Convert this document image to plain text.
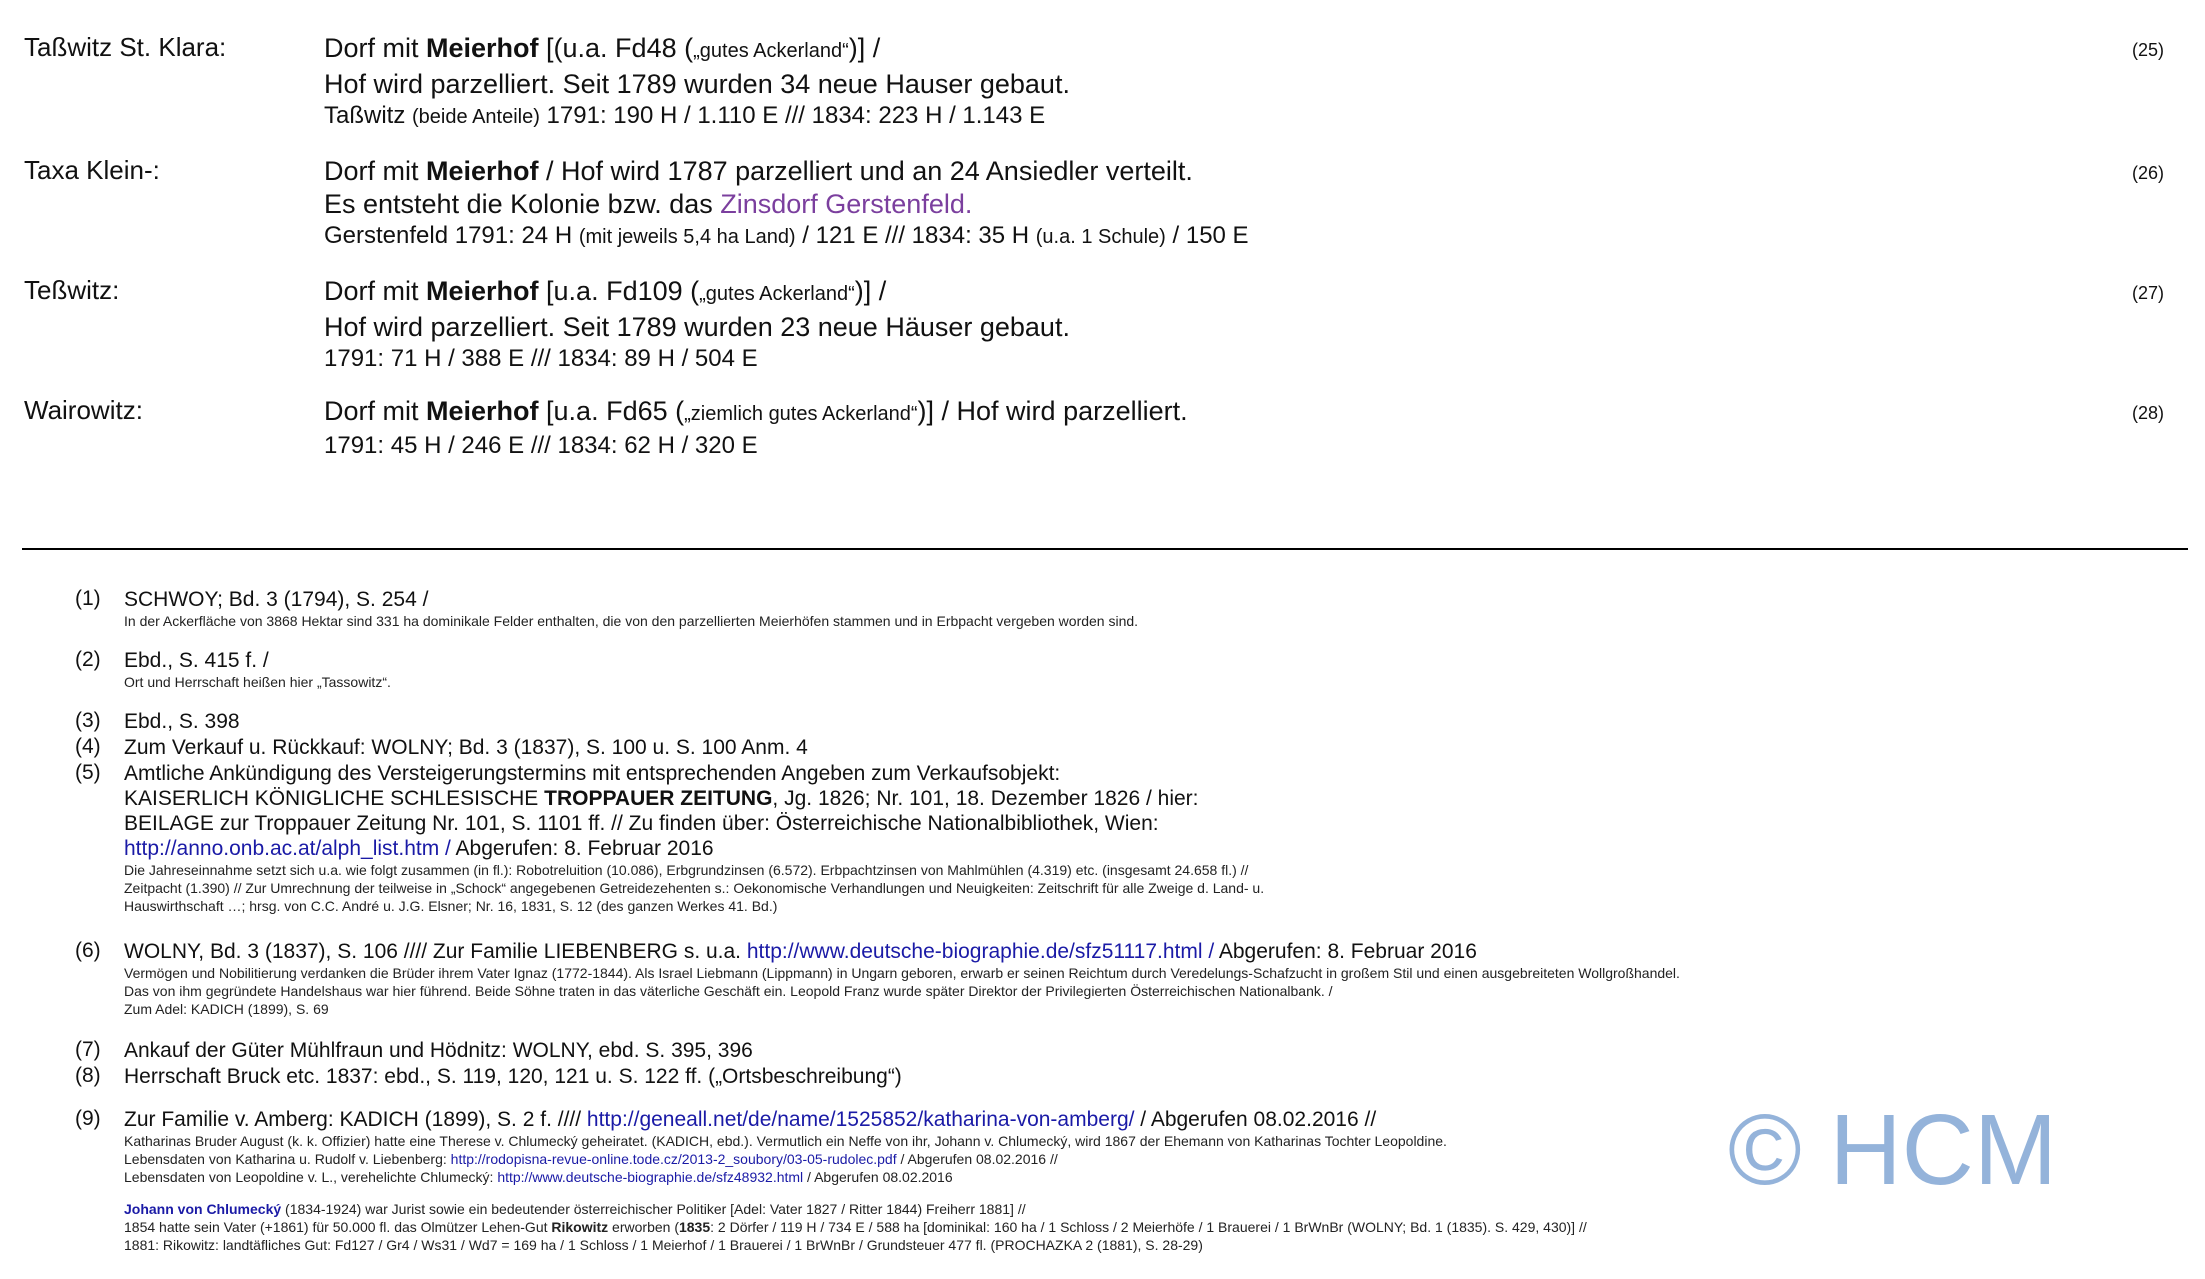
Taßwitz St. Klara:	Dorf mit Meierhof [(u.a. Fd48 („gutes Ackerland“)] /
Hof wird parzelliert. Seit 1789 wurden 34 neue Hauser gebaut.
Taßwitz (beide Anteile) 1791: 190 H / 1.110 E /// 1834: 223 H / 1.143 E
(25)
Taxa Klein-:	Dorf mit Meierhof / Hof wird 1787 parzelliert und an 24 Ansiedler verteilt.
Es entsteht die Kolonie bzw. das Zinsdorf Gerstenfeld.
Gerstenfeld 1791: 24 H (mit jeweils 5,4 ha Land) / 121 E /// 1834: 35 H (u.a. 1 Schule) / 150 E
(26)
Teßwitz:	Dorf mit Meierhof [u.a. Fd109 („gutes Ackerland“)] /
Hof wird parzelliert. Seit 1789 wurden 23 neue Häuser gebaut.
1791: 71 H / 388 E /// 1834: 89 H / 504 E
(27)
Wairowitz:	Dorf mit Meierhof [u.a. Fd65 („ziemlich gutes Ackerland“)] / Hof wird parzelliert.
1791: 45 H / 246 E /// 1834: 62 H / 320 E
(28)
(1) SCHWOY; Bd. 3 (1794), S. 254 /
In der Ackerfläche von 3868 Hektar sind 331 ha dominikale Felder enthalten, die von den parzellierten Meierhöfen stammen und in Erbpacht vergeben worden sind.
(2) Ebd., S. 415 f. /
Ort und Herrschaft heißen hier „Tassowitz“.
(3) Ebd., S. 398
(4) Zum Verkauf u. Rückkauf: WOLNY; Bd. 3 (1837), S. 100 u. S. 100 Anm. 4
(5) Amtliche Ankündigung des Versteigerungstermins mit entsprechenden Angeben zum Verkaufsobjekt:
KAISERLICH KÖNIGLICHE SCHLESISCHE TROPPAUER ZEITUNG, Jg. 1826; Nr. 101, 18. Dezember 1826 / hier:
BEILAGE zur Troppauer Zeitung Nr. 101, S. 1101 ff. // Zu finden über: Österreichische Nationalbibliothek, Wien:
http://anno.onb.ac.at/alph_list.htm / Abgerufen: 8. Februar 2016
Die Jahreseinnahme setzt sich u.a. wie folgt zusammen (in fl.): Robotreluition (10.086), Erbgrundzinsen (6.572). Erbpachtzinsen von Mahlmühlen (4.319) etc. (insgesamt 24.658 fl.) //
Zeitpacht (1.390) // Zur Umrechnung der teilweise in „Schock“ angegebenen Getreidezehenten s.: Oekonomische Verhandlungen und Neuigkeiten: Zeitschrift für alle Zweige d. Land- u.
Hauswirthschaft …; hrsg. von C.C. André u. J.G. Elsner; Nr. 16, 1831, S. 12 (des ganzen Werkes 41. Bd.)
(6) WOLNY, Bd. 3 (1837), S. 106 //// Zur Familie LIEBENBERG s. u.a. http://www.deutsche-biographie.de/sfz51117.html / Abgerufen: 8. Februar 2016
Vermögen und Nobilitierung verdanken die Brüder ihrem Vater Ignaz (1772-1844). Als Israel Liebmann (Lippmann) in Ungarn geboren, erwarb er seinen Reichtum durch Veredelungs-Schafzucht in großem Stil und einen ausgebreiteten Wollgroßhandel.
Das von ihm gegründete Handelshaus war hier führend. Beide Söhne traten in das väterliche Geschäft ein. Leopold Franz wurde später Direktor der Privilegierten Österreichischen Nationalbank. /
Zum Adel: KADICH (1899), S. 69
(7) Ankauf der Güter Mühlfraun und Hödnitz: WOLNY, ebd. S. 395, 396
(8) Herrschaft Bruck etc. 1837: ebd., S. 119, 120, 121 u. S. 122 ff. („Ortsbeschreibung“)
(9) Zur Familie v. Amberg: KADICH (1899), S. 2 f. //// http://geneall.net/de/name/1525852/katharina-von-amberg/ / Abgerufen 08.02.2016 //
Katharinas Bruder August (k. k. Offizier) hatte eine Therese v. Chlumecký geheiratet. (KADICH, ebd.). Vermutlich ein Neffe von ihr, Johann v. Chlumecký, wird 1867 der Ehemann von Katharinas Tochter Leopoldine.
Lebensdaten von Katharina u. Rudolf v. Liebenberg: http://rodopisna-revue-online.tode.cz/2013-2_soubory/03-05-rudolec.pdf / Abgerufen 08.02.2016 //
Lebensdaten von Leopoldine v. L., verehelichte Chlumecký: http://www.deutsche-biographie.de/sfz48932.html / Abgerufen 08.02.2016
Johann von Chlumecký (1834-1924) war Jurist sowie ein bedeutender österreichischer Politiker [Adel: Vater 1827 / Ritter 1844) Freiherr 1881] //
1854 hatte sein Vater (+1861) für 50.000 fl. das Olmützer Lehen-Gut Rikowitz erworben (1835: 2 Dörfer / 119 H / 734 E / 588 ha [dominikal: 160 ha / 1 Schloss / 2 Meierhöfe / 1 Brauerei / 1 BrWnBr (WOLNY; Bd. 1 (1835). S. 429, 430)] //
1881: Rikowitz: landtäfliches Gut: Fd127 / Gr4 / Ws31 / Wd7 = 169 ha / 1 Schloss / 1 Meierhof / 1 Brauerei / 1 BrWnBr / Grundsteuer 477 fl. (PROCHAZKA 2 (1881), S. 28-29)
© HCM
